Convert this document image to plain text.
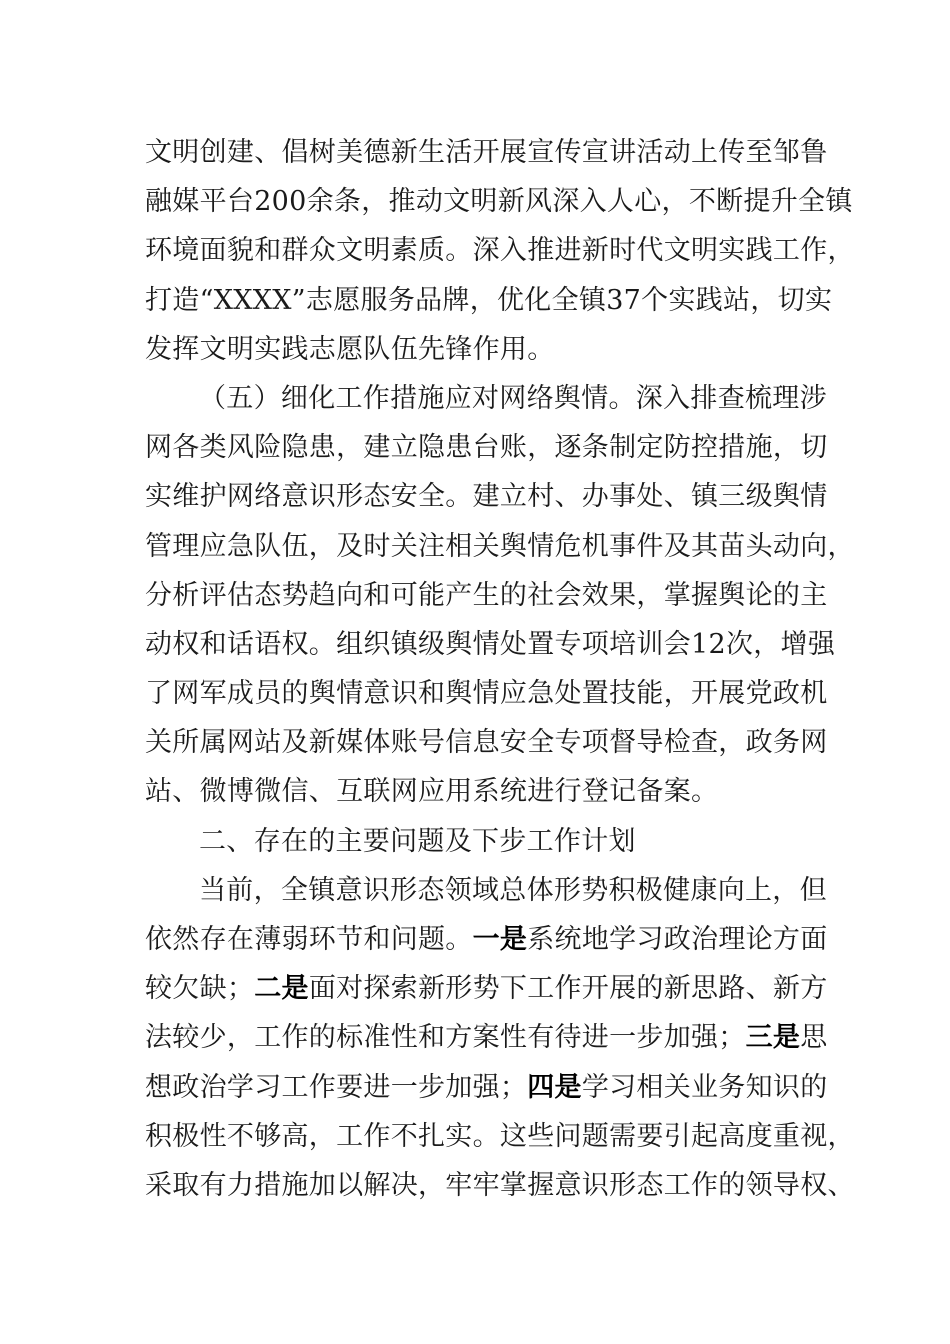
文明创建、倡树美德新生活开展宣传宣讲活动上传至邹鲁
融媒平台200余条，推动文明新风深入人心，不断提升全镇
环境面貌和群众文明素质。深入推进新时代文明实践工作，
打造“XXXX”志愿服务品牌，优化全镇37个实践站，切实
发挥文明实践志愿队伍先锋作用。
（五）细化工作措施应对网络舆情。深入排查梳理涉
网各类风险隐患，建立隐患台账，逐条制定防控措施，切
实维护网络意识形态安全。建立村、办事处、镇三级舆情
管理应急队伍，及时关注相关舆情危机事件及其苗头动向，
分析评估态势趋向和可能产生的社会效果，掌握舆论的主
动权和话语权。组织镇级舆情处置专项培训会12次，增强
了网军成员的舆情意识和舆情应急处置技能，开展党政机
关所属网站及新媒体账号信息安全专项督导检查，政务网
站、微博微信、互联网应用系统进行登记备案。
二、存在的主要问题及下步工作计划
当前，全镇意识形态领域总体形势积极健康向上，但
依然存在薄弱环节和问题。一是系统地学习政治理论方面
较欠缺；二是面对探索新形势下工作开展的新思路、新方
法较少，工作的标准性和方案性有待进一步加强；三是思
想政治学习工作要进一步加强；四是学习相关业务知识的
积极性不够高，工作不扎实。这些问题需要引起高度重视，
采取有力措施加以解决，牢牢掌握意识形态工作的领导权、
